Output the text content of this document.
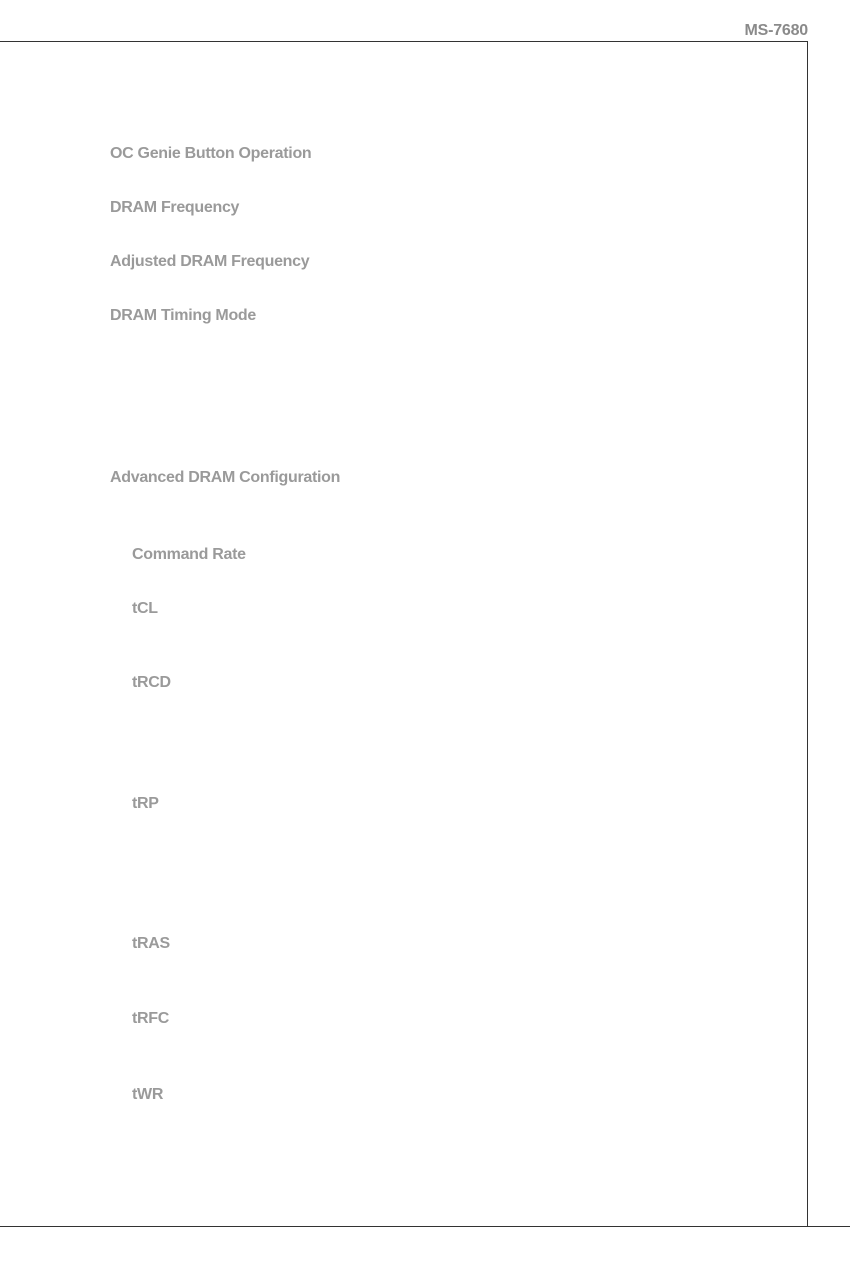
MS-7680
OC Genie Button Operation
DRAM Frequency
Adjusted DRAM Frequency
DRAM Timing Mode
Advanced DRAM Configuration
Command Rate
tCL
tRCD
tRP
tRAS
tRFC
tWR
